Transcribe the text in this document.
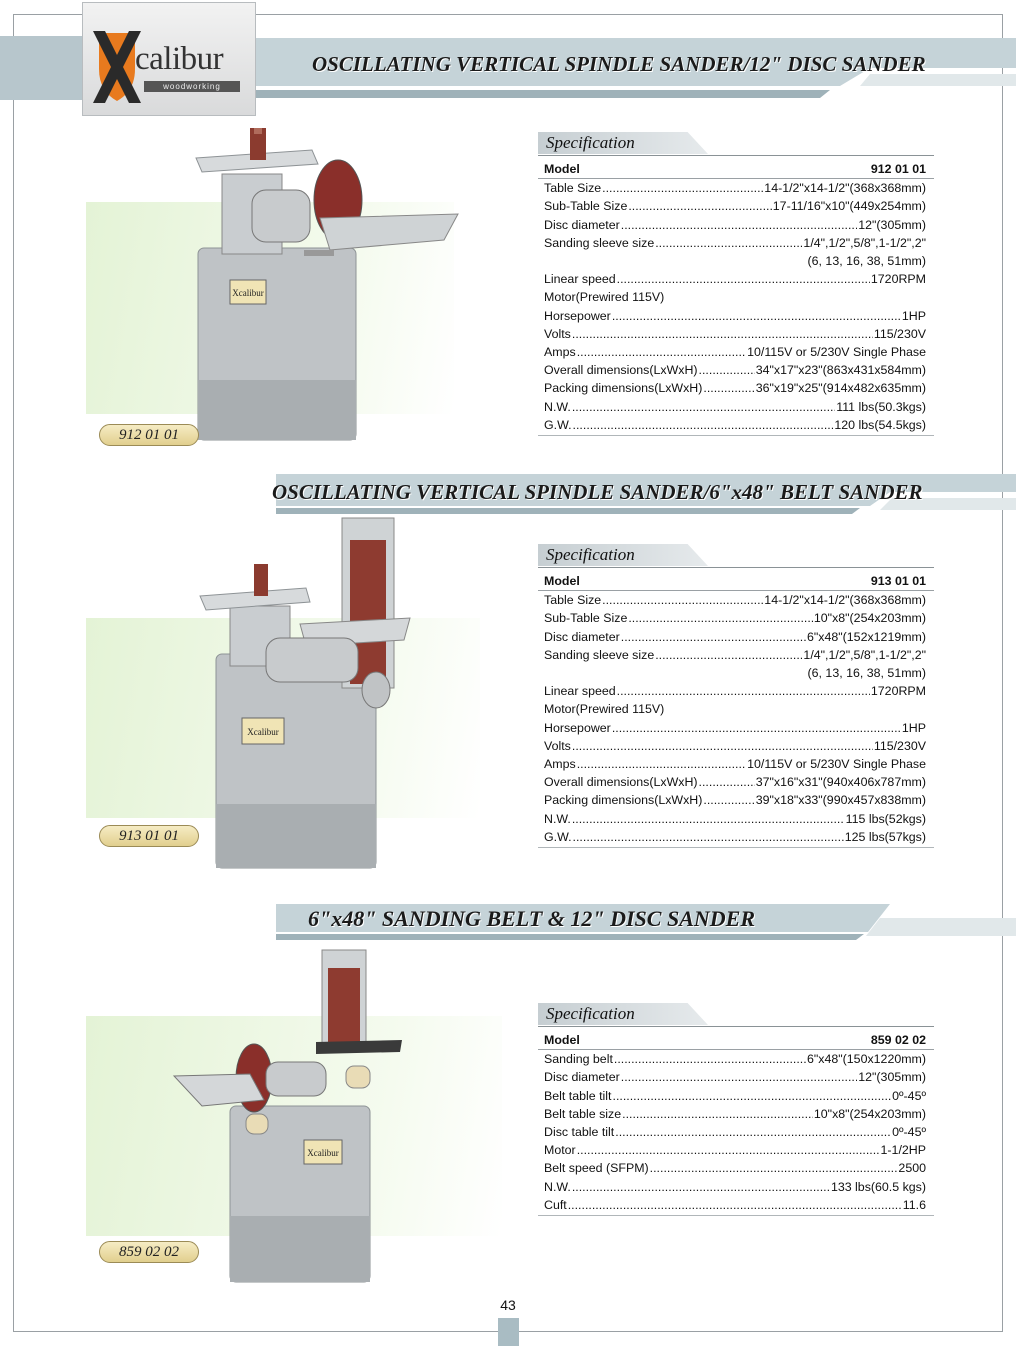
calibur
woodworking
OSCILLATING VERTICAL SPINDLE SANDER/12" DISC SANDER
Xcalibur
912 01 01
Specification
Model	912 01 01
Table Size .....	14-1/2"x14-1/2"(368x368mm)
Sub-Table Size .....	17-11/16"x10"(449x254mm)
Disc diameter .....	12"(305mm)
Sanding sleeve size .....	1/4",1/2",5/8",1-1/2",2"
(6, 13, 16, 38, 51mm)
Linear speed .....	1720RPM
Motor(Prewired 115V)
Horsepower .....	1HP
Volts .....	115/230V
Amps .....	10/115V or 5/230V Single Phase
Overall dimensions(LxWxH) .....	34"x17"x23"(863x431x584mm)
Packing dimensions(LxWxH) .....	36"x19"x25"(914x482x635mm)
N.W. .....	111 lbs(50.3kgs)
G.W. .....	120 lbs(54.5kgs)
OSCILLATING VERTICAL SPINDLE SANDER/6"x48" BELT SANDER
Xcalibur
913 01 01
Specification
Model	913 01 01
Table Size .....	14-1/2"x14-1/2"(368x368mm)
Sub-Table Size .....	10"x8"(254x203mm)
Disc diameter .....	6"x48"(152x1219mm)
Sanding sleeve size .....	1/4",1/2",5/8",1-1/2",2"
(6, 13, 16, 38, 51mm)
Linear speed .....	1720RPM
Motor(Prewired 115V)
Horsepower .....	1HP
Volts .....	115/230V
Amps .....	10/115V or 5/230V Single Phase
Overall dimensions(LxWxH) .....	37"x16"x31"(940x406x787mm)
Packing dimensions(LxWxH) .....	39"x18"x33"(990x457x838mm)
N.W. .....	115 lbs(52kgs)
G.W. .....	125 lbs(57kgs)
6"x48" SANDING BELT & 12" DISC SANDER
Xcalibur
859 02 02
Specification
Model	859 02 02
Sanding belt .....	6"x48"(150x1220mm)
Disc diameter .....	12"(305mm)
Belt table tilt .....	0º-45º
Belt table size .....	10"x8"(254x203mm)
Disc table tilt .....	0º-45º
Motor .....	1-1/2HP
Belt speed (SFPM) .....	2500
N.W. .....	133 lbs(60.5 kgs)
Cuft .....	11.6
43
